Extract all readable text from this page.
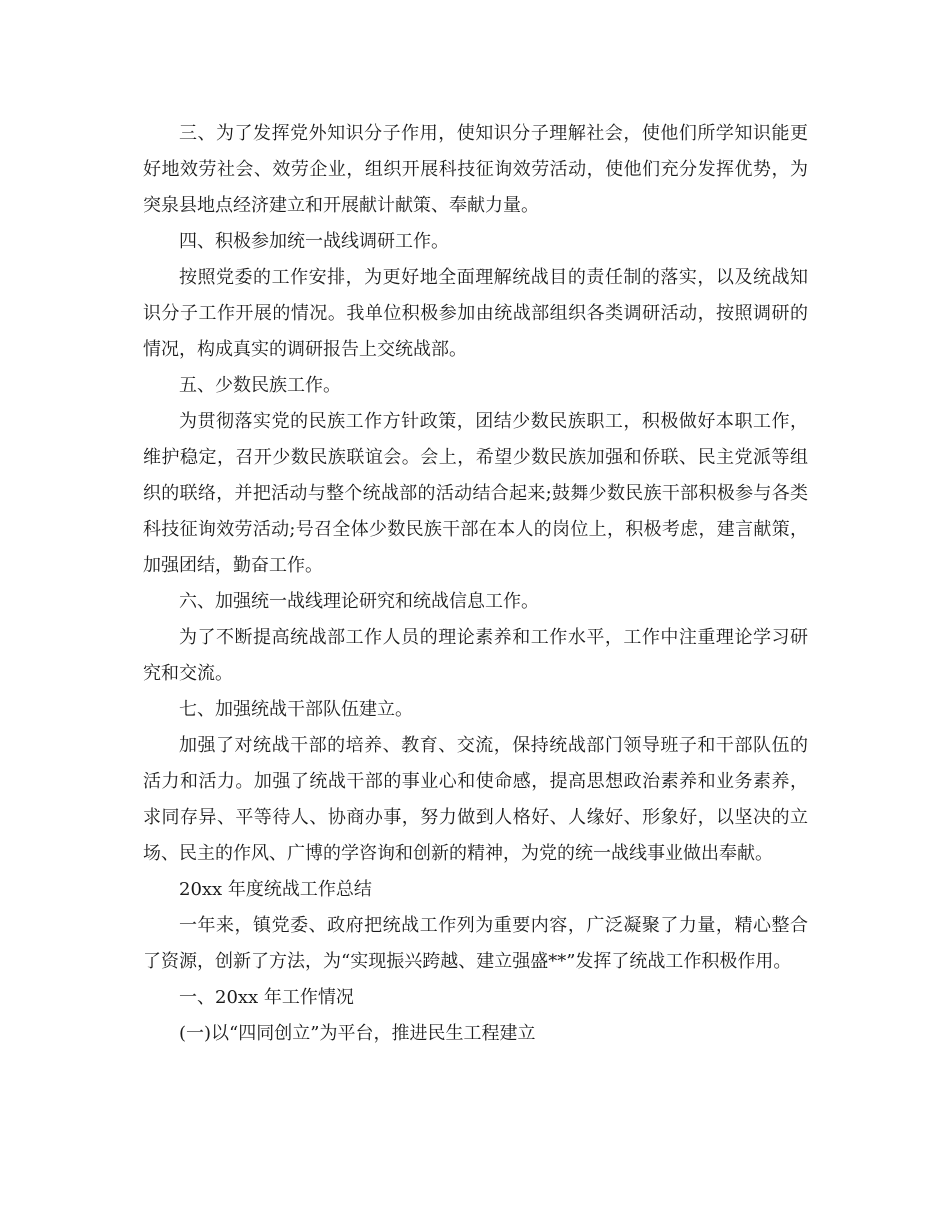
三、为了发挥党外知识分子作用，使知识分子理解社会，使他们所学知识能更好地效劳社会、效劳企业，组织开展科技征询效劳活动，使他们充分发挥优势，为突泉县地点经济建立和开展献计献策、奉献力量。

四、积极参加统一战线调研工作。

按照党委的工作安排，为更好地全面理解统战目的责任制的落实，以及统战知识分子工作开展的情况。我单位积极参加由统战部组织各类调研活动，按照调研的情况，构成真实的调研报告上交统战部。

五、少数民族工作。

为贯彻落实党的民族工作方针政策，团结少数民族职工，积极做好本职工作，维护稳定，召开少数民族联谊会。会上，希望少数民族加强和侨联、民主党派等组织的联络，并把活动与整个统战部的活动结合起来;鼓舞少数民族干部积极参与各类科技征询效劳活动;号召全体少数民族干部在本人的岗位上，积极考虑，建言献策，加强团结，勤奋工作。

六、加强统一战线理论研究和统战信息工作。

为了不断提高统战部工作人员的理论素养和工作水平，工作中注重理论学习研究和交流。

七、加强统战干部队伍建立。

加强了对统战干部的培养、教育、交流，保持统战部门领导班子和干部队伍的活力和活力。加强了统战干部的事业心和使命感，提高思想政治素养和业务素养，求同存异、平等待人、协商办事，努力做到人格好、人缘好、形象好，以坚决的立场、民主的作风、广博的学咨询和创新的精神，为党的统一战线事业做出奉献。

20xx 年度统战工作总结

一年来，镇党委、政府把统战工作列为重要内容，广泛凝聚了力量，精心整合了资源，创新了方法，为“实现振兴跨越、建立强盛**”发挥了统战工作积极作用。

一、20xx 年工作情况

(一)以“四同创立”为平台，推进民生工程建立
